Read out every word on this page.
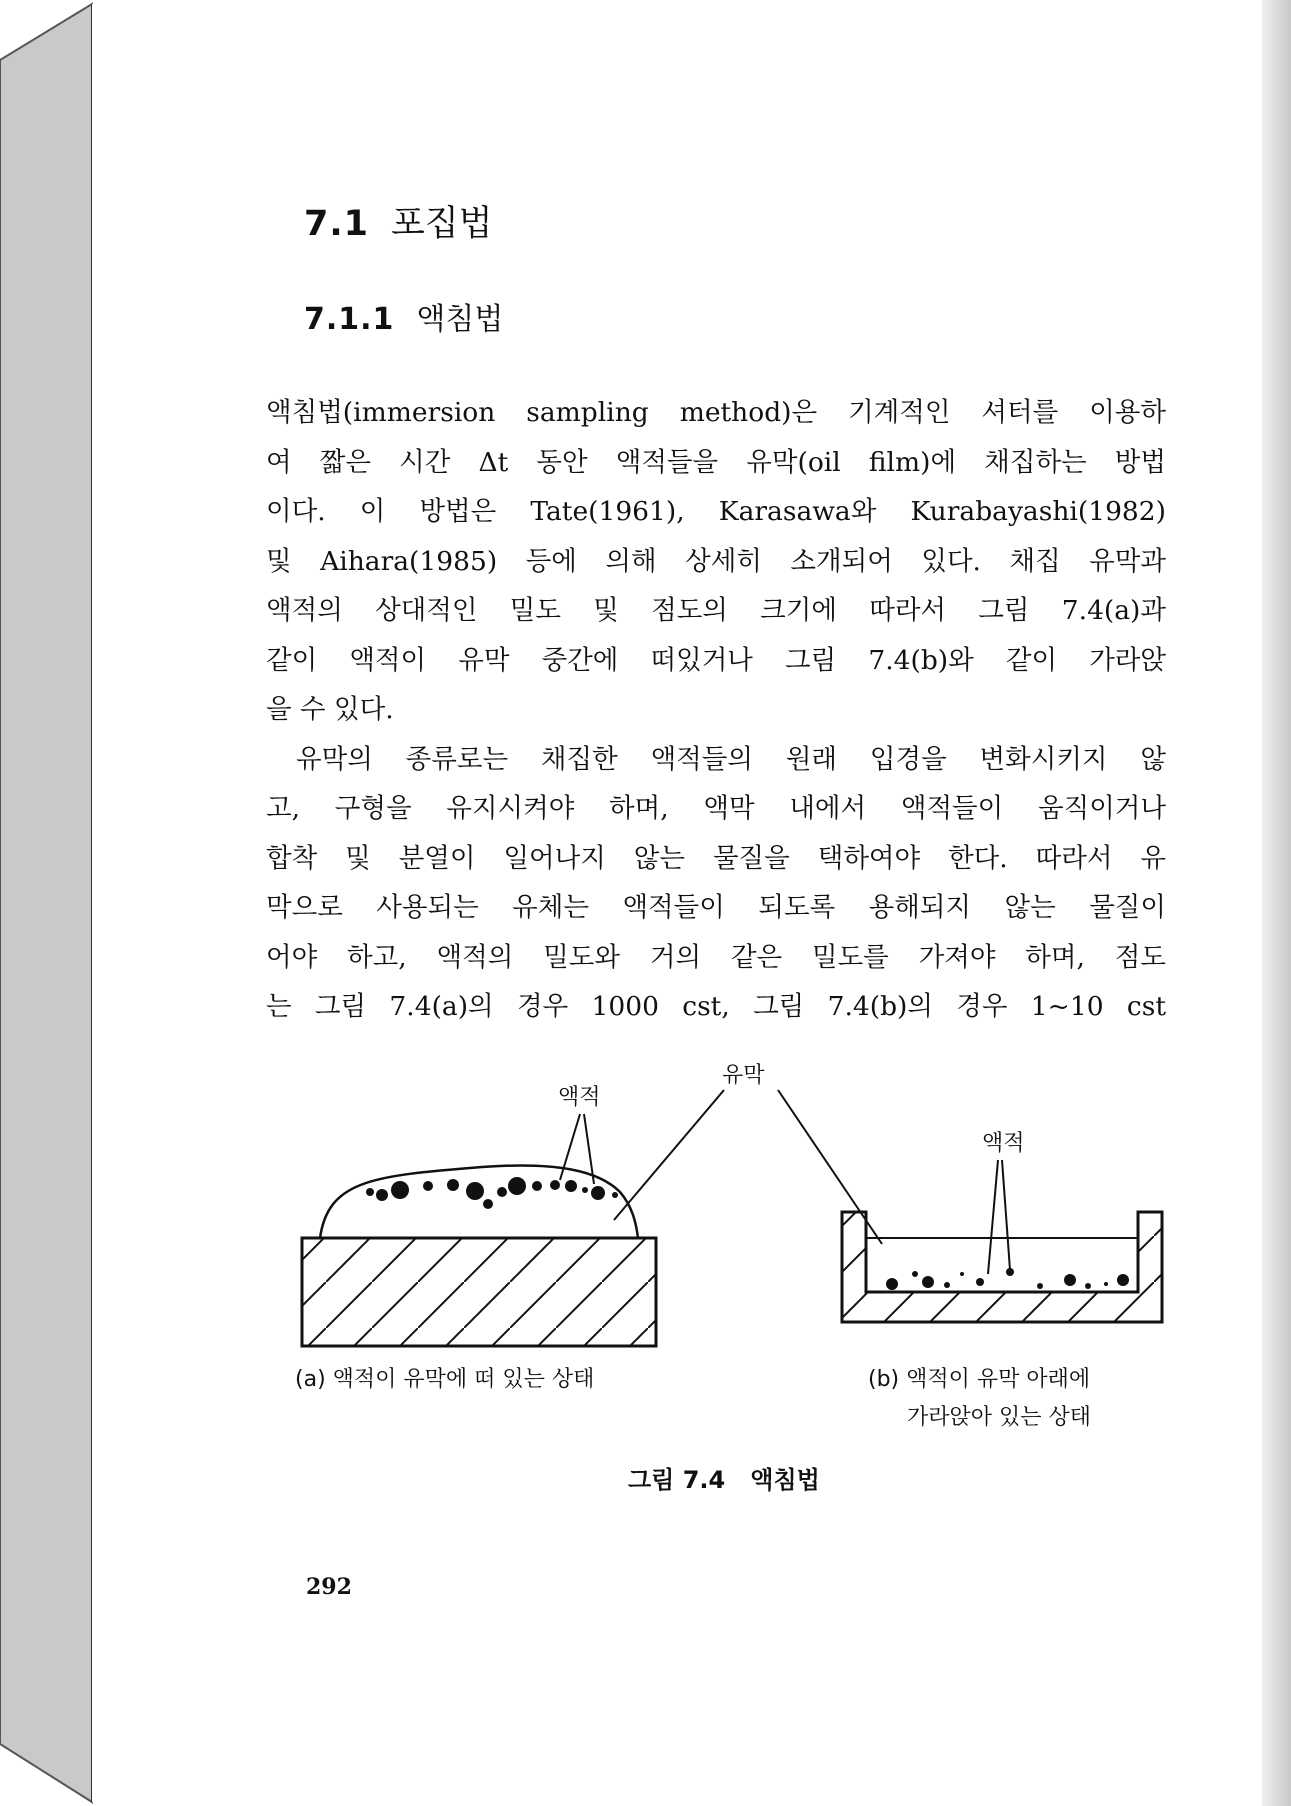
7.1 포집법
7.1.1 액침법

액침법(immersion sampling method)은 기계적인 셔터를 이용하

여 짧은 시간 Δt 동안 액적들을 유막(oil film)에 채집하는 방법

이다. 이 방법은 Tate(1961), Karasawa와 Kurabayashi(1982)

및 Aihara(1985) 등에 의해 상세히 소개되어 있다. 채집 유막과

액적의 상대적인 밀도 및 점도의 크기에 따라서 그림 7.4(a)과

같이 액적이 유막 중간에 떠있거나 그림 7.4(b)와 같이 가라앉

을 수 있다.

유막의 종류로는 채집한 액적들의 원래 입경을 변화시키지 않

고, 구형을 유지시켜야 하며, 액막 내에서 액적들이 움직이거나

합착 및 분열이 일어나지 않는 물질을 택하여야 한다. 따라서 유

막으로 사용되는 유체는 액적들이 되도록 용해되지 않는 물질이

어야 하고, 액적의 밀도와 거의 같은 밀도를 가져야 하며, 점도

는 그림 7.4(a)의 경우 1000 cst, 그림 7.4(b)의 경우 1~10 cst

액적
유막
액적
(a) 액적이 유막에 떠 있는 상태	(b) 액적이 유막 아래에
가라앉아 있는 상태
그림 7.4   액침법
292
